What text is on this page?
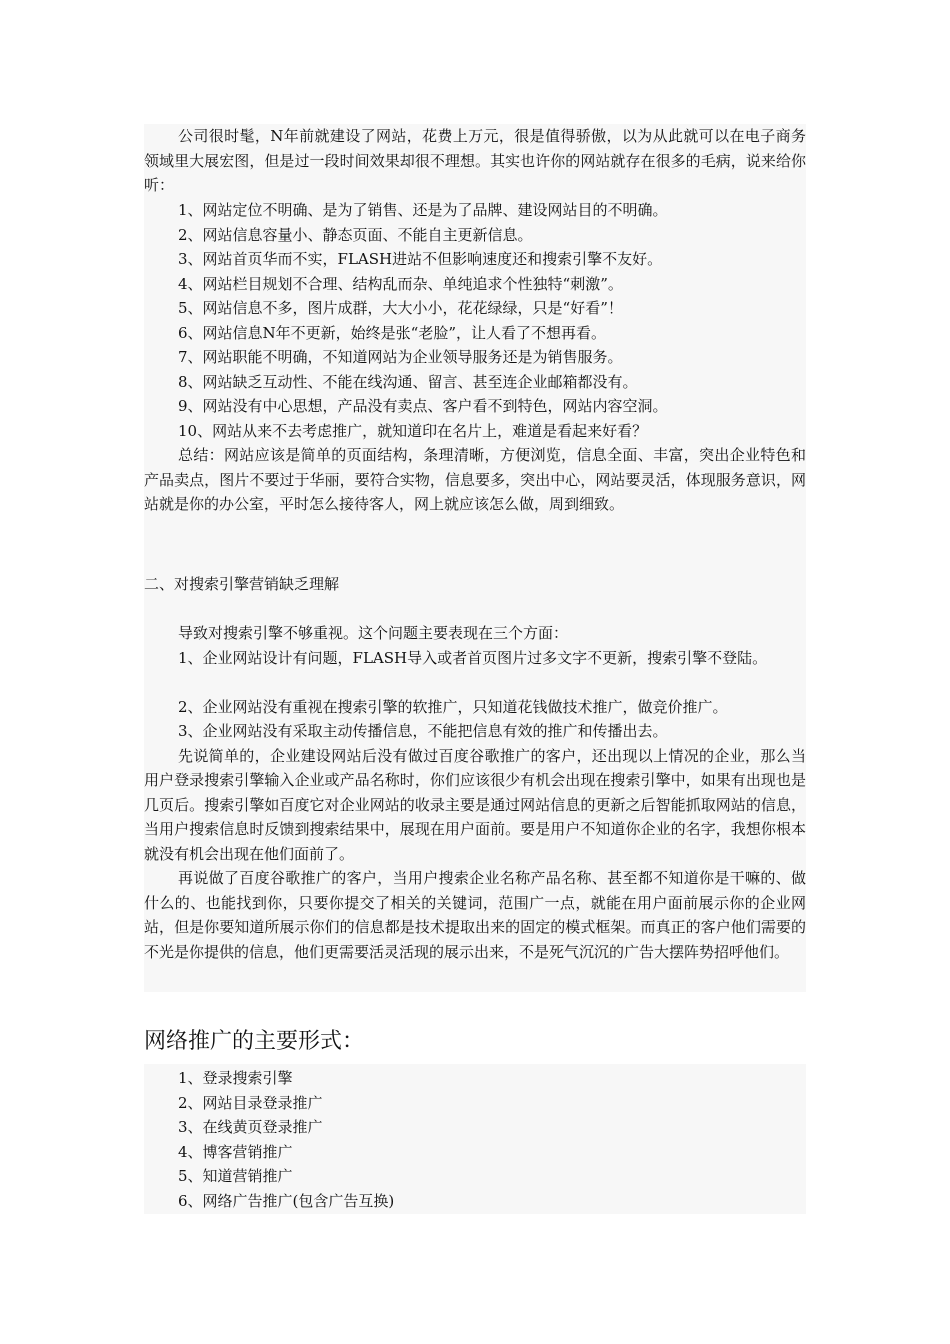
公司很时髦，N年前就建设了网站，花费上万元，很是值得骄傲，以为从此就可以在电子商务领域里大展宏图，但是过一段时间效果却很不理想。其实也许你的网站就存在很多的毛病，说来给你听：

1、网站定位不明确、是为了销售、还是为了品牌、建设网站目的不明确。

2、网站信息容量小、静态页面、不能自主更新信息。

3、网站首页华而不实，FLASH进站不但影响速度还和搜索引擎不友好。

4、网站栏目规划不合理、结构乱而杂、单纯追求个性独特“刺激”。

5、网站信息不多，图片成群，大大小小，花花绿绿，只是“好看”！

6、网站信息N年不更新，始终是张“老脸”，让人看了不想再看。

7、网站职能不明确，不知道网站为企业领导服务还是为销售服务。

8、网站缺乏互动性、不能在线沟通、留言、甚至连企业邮箱都没有。

9、网站没有中心思想，产品没有卖点、客户看不到特色，网站内容空洞。

10、网站从来不去考虑推广，就知道印在名片上，难道是看起来好看？

总结：网站应该是简单的页面结构，条理清晰，方便浏览，信息全面、丰富，突出企业特色和产品卖点，图片不要过于华丽，要符合实物，信息要多，突出中心，网站要灵活，体现服务意识，网站就是你的办公室，平时怎么接待客人，网上就应该怎么做，周到细致。

二、对搜索引擎营销缺乏理解

导致对搜索引擎不够重视。这个问题主要表现在三个方面：

1、企业网站设计有问题，FLASH导入或者首页图片过多文字不更新，搜索引擎不登陆。

2、企业网站没有重视在搜索引擎的软推广，只知道花钱做技术推广，做竞价推广。

3、企业网站没有采取主动传播信息，不能把信息有效的推广和传播出去。

先说简单的，企业建设网站后没有做过百度谷歌推广的客户，还出现以上情况的企业，那么当用户登录搜索引擎输入企业或产品名称时，你们应该很少有机会出现在搜索引擎中，如果有出现也是几页后。搜索引擎如百度它对企业网站的收录主要是通过网站信息的更新之后智能抓取网站的信息，当用户搜索信息时反馈到搜索结果中，展现在用户面前。要是用户不知道你企业的名字，我想你根本就没有机会出现在他们面前了。

再说做了百度谷歌推广的客户，当用户搜索企业名称产品名称、甚至都不知道你是干嘛的、做什么的、也能找到你，只要你提交了相关的关键词，范围广一点，就能在用户面前展示你的企业网站，但是你要知道所展示你们的信息都是技术提取出来的固定的模式框架。而真正的客户他们需要的不光是你提供的信息，他们更需要活灵活现的展示出来，不是死气沉沉的广告大摆阵势招呼他们。

网络推广的主要形式：

1、登录搜索引擎

2、网站目录登录推广

3、在线黄页登录推广

4、博客营销推广

5、知道营销推广

6、网络广告推广(包含广告互换)
